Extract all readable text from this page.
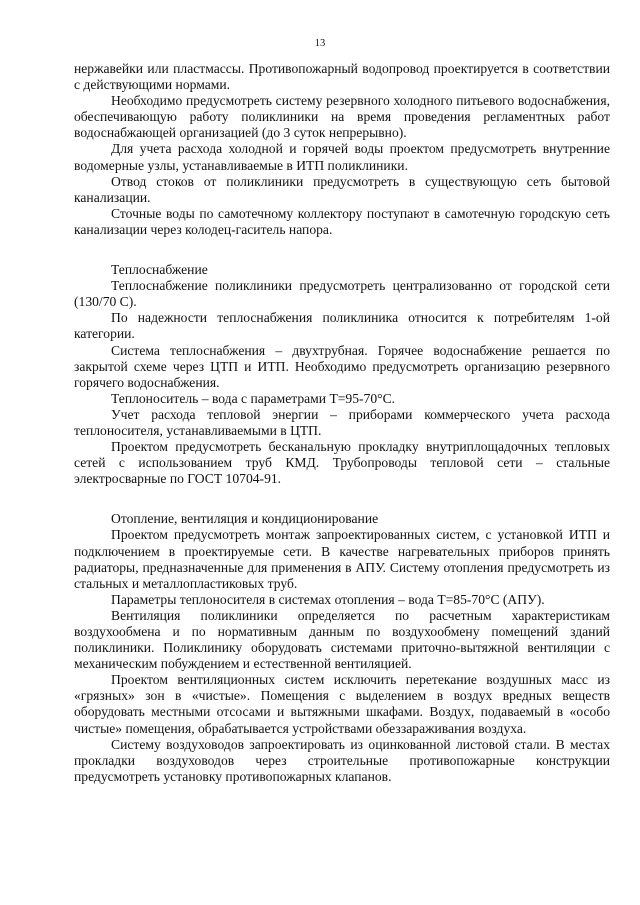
13

нержавейки или пластмассы. Противопожарный водопровод проектируется в соответствии с действующими нормами.

Необходимо предусмотреть систему резервного холодного питьевого водоснабжения, обеспечивающую работу поликлиники на время проведения регламентных работ водоснабжающей организацией (до 3 суток непрерывно).

Для учета расхода холодной и горячей воды проектом предусмотреть внутренние водомерные узлы, устанавливаемые в ИТП поликлиники.

Отвод стоков от поликлиники предусмотреть в существующую сеть бытовой канализации.

Сточные воды по самотечному коллектору поступают в самотечную городскую сеть канализации через колодец-гаситель напора.

Теплоснабжение

Теплоснабжение поликлиники предусмотреть централизованно от городской сети (130/70 С).

По надежности теплоснабжения поликлиника относится к потребителям 1-ой категории.

Система теплоснабжения – двухтрубная. Горячее водоснабжение решается по закрытой схеме через ЦТП и ИТП. Необходимо предусмотреть организацию резервного горячего водоснабжения.

Теплоноситель – вода с параметрами Т=95-70°С.

Учет расхода тепловой энергии – приборами коммерческого учета расхода теплоносителя, устанавливаемыми в ЦТП.

Проектом предусмотреть бесканальную прокладку внутриплощадочных тепловых сетей с использованием труб КМД. Трубопроводы тепловой сети – стальные электросварные по ГОСТ 10704-91.

Отопление, вентиляция и кондиционирование

Проектом предусмотреть монтаж запроектированных систем, с установкой ИТП и подключением в проектируемые сети. В качестве нагревательных приборов принять радиаторы, предназначенные для применения в АПУ. Систему отопления предусмотреть из стальных и металлопластиковых труб.

Параметры теплоносителя в системах отопления – вода Т=85-70°С (АПУ).

Вентиляция поликлиники определяется по расчетным характеристикам воздухообмена и по нормативным данным по воздухообмену помещений зданий поликлиники. Поликлинику оборудовать системами приточно-вытяжной вентиляции с механическим побуждением и естественной вентиляцией.

Проектом вентиляционных систем исключить перетекание воздушных масс из «грязных» зон в «чистые». Помещения с выделением в воздух вредных веществ оборудовать местными отсосами и вытяжными шкафами. Воздух, подаваемый в «особо чистые» помещения, обрабатывается устройствами обеззараживания воздуха.

Систему воздуховодов запроектировать из оцинкованной листовой стали. В местах прокладки воздуховодов через строительные противопожарные конструкции предусмотреть установку противопожарных клапанов.
